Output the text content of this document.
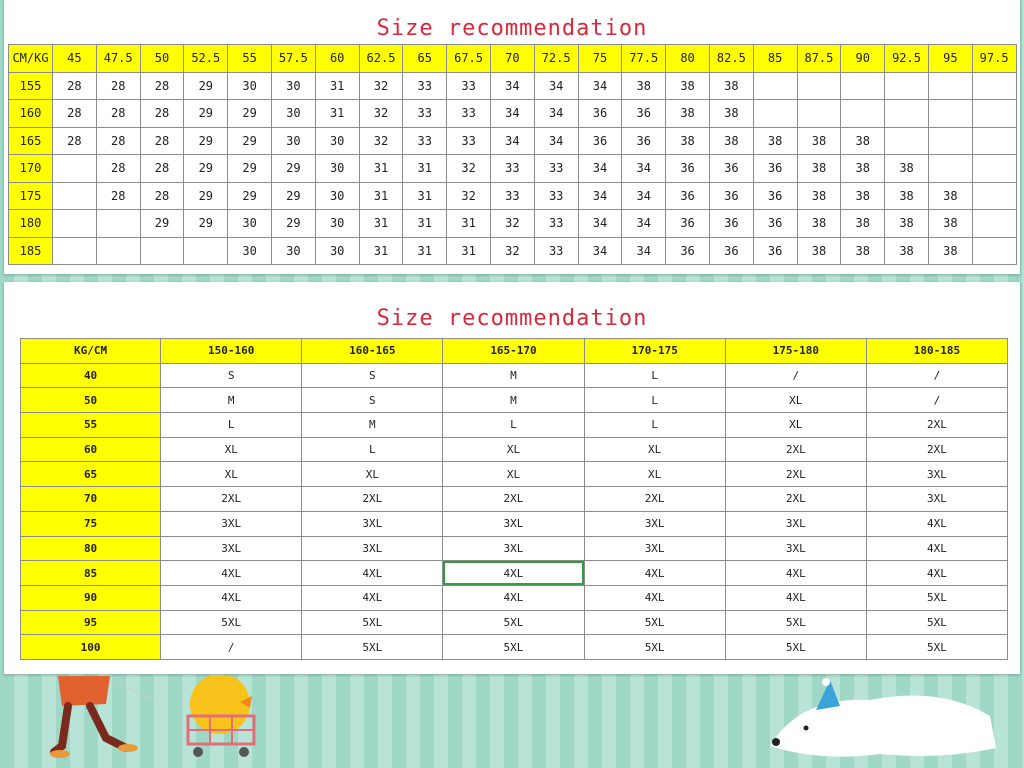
Size recommendation
CM/KG	45	47.5	50	52.5	55	57.5	60	62.5	65	67.5	70	72.5	75	77.5	80	82.5	85	87.5	90	92.5	95	97.5
155	28	28	28	29	30	30	31	32	33	33	34	34	34	38	38	38						
160	28	28	28	29	29	30	31	32	33	33	34	34	36	36	38	38						
165	28	28	28	29	29	30	30	32	33	33	34	34	36	36	38	38	38	38	38			
170		28	28	29	29	29	30	31	31	32	33	33	34	34	36	36	36	38	38	38		
175		28	28	29	29	29	30	31	31	32	33	33	34	34	36	36	36	38	38	38	38	
180			29	29	30	29	30	31	31	31	32	33	34	34	36	36	36	38	38	38	38	
185					30	30	30	31	31	31	32	33	34	34	36	36	36	38	38	38	38	
Size recommendation
KG/CM	150-160	160-165	165-170	170-175	175-180	180-185
40	S	S	M	L	/	/
50	M	S	M	L	XL	/
55	L	M	L	L	XL	2XL
60	XL	L	XL	XL	2XL	2XL
65	XL	XL	XL	XL	2XL	3XL
70	2XL	2XL	2XL	2XL	2XL	3XL
75	3XL	3XL	3XL	3XL	3XL	4XL
80	3XL	3XL	3XL	3XL	3XL	4XL
85	4XL	4XL	4XL	4XL	4XL	4XL
90	4XL	4XL	4XL	4XL	4XL	5XL
95	5XL	5XL	5XL	5XL	5XL	5XL
100	/	5XL	5XL	5XL	5XL	5XL
